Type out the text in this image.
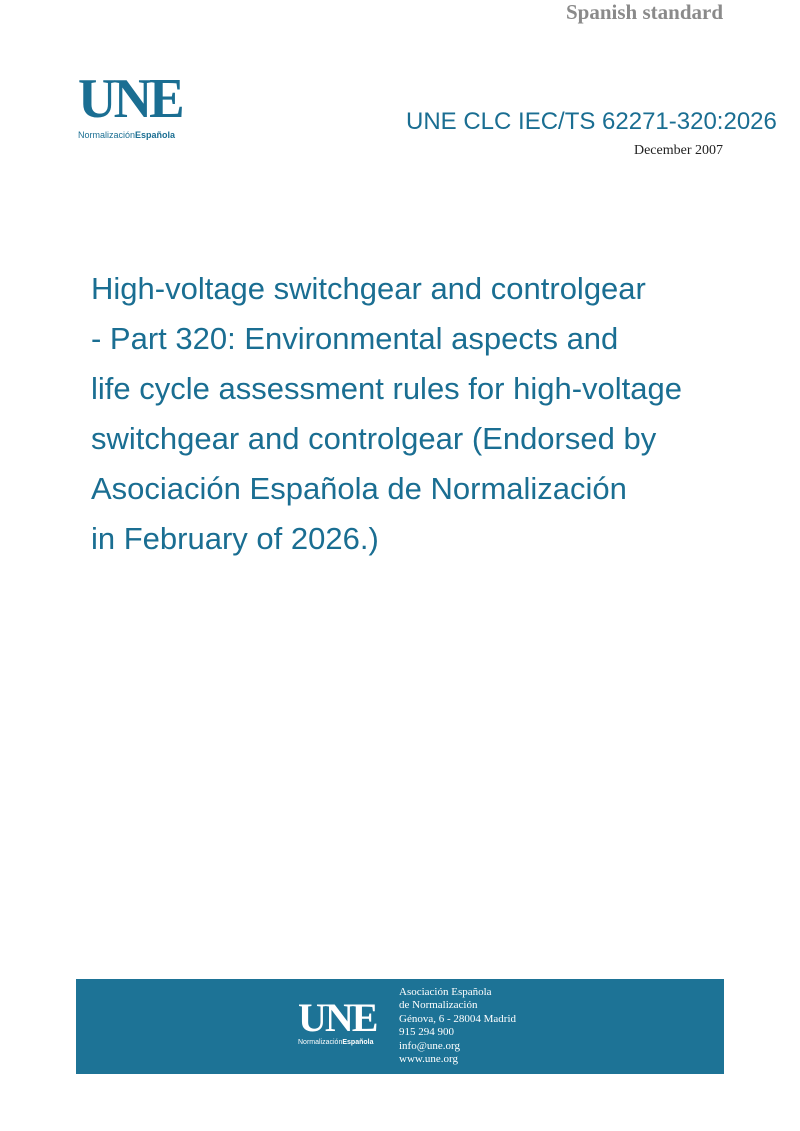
UNE
NormalizaciónEspañola
Spanish standard
UNE CLC IEC/TS 62271-320:2026
December 2007
High-voltage switchgear and controlgear
- Part 320: Environmental aspects and
life cycle assessment rules for high-voltage
switchgear and controlgear (Endorsed by
Asociación Española de Normalización
in February of 2026.)
UNE
NormalizaciónEspañola
Asociación Española
de Normalización
Génova, 6 - 28004 Madrid
915 294 900
info@une.org
www.une.org
